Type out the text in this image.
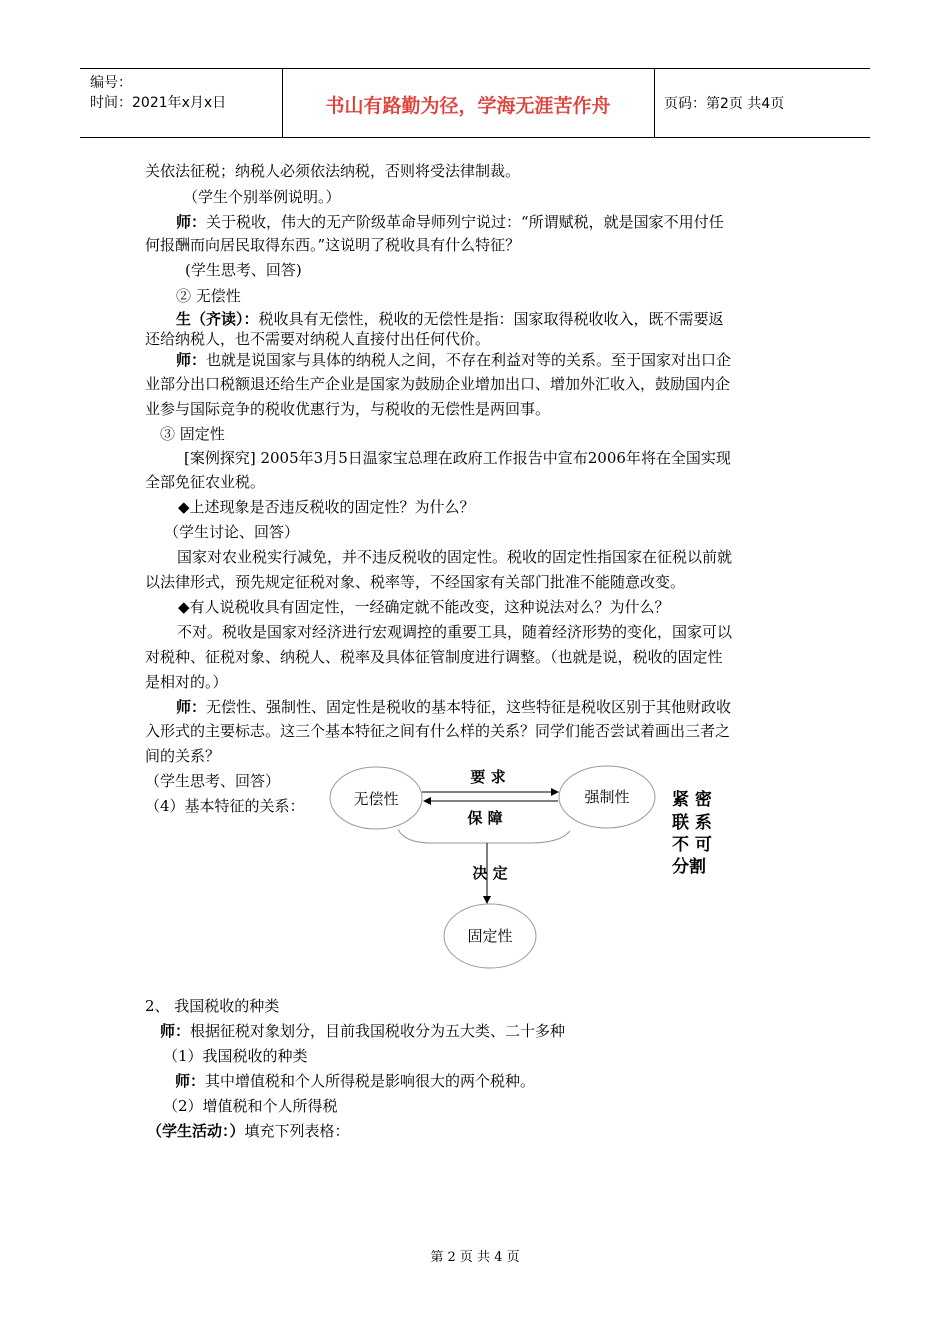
编号：
时间：2021年x月x日	书山有路勤为径，学海无涯苦作舟	页码：第2页 共4页
关依法征税；纳税人必须依法纳税，否则将受法律制裁。
（学生个别举例说明。）
师：关于税收，伟大的无产阶级革命导师列宁说过：“所谓赋税，就是国家不用付任
何报酬而向居民取得东西。”这说明了税收具有什么特征？
(学生思考、回答)
② 无偿性
生（齐读）：税收具有无偿性，税收的无偿性是指：国家取得税收收入，既不需要返
还给纳税人，也不需要对纳税人直接付出任何代价。
师：也就是说国家与具体的纳税人之间，不存在利益对等的关系。至于国家对出口企
业部分出口税额退还给生产企业是国家为鼓励企业增加出口、增加外汇收入，鼓励国内企
业参与国际竞争的税收优惠行为，与税收的无偿性是两回事。
③ 固定性
[案例探究] 2005年3月5日温家宝总理在政府工作报告中宣布2006年将在全国实现
全部免征农业税。
◆上述现象是否违反税收的固定性？为什么？
（学生讨论、回答）
国家对农业税实行减免，并不违反税收的固定性。税收的固定性指国家在征税以前就
以法律形式，预先规定征税对象、税率等，不经国家有关部门批准不能随意改变。
◆有人说税收具有固定性，一经确定就不能改变，这种说法对么？为什么？
不对。税收是国家对经济进行宏观调控的重要工具，随着经济形势的变化，国家可以
对税种、征税对象、纳税人、税率及具体征管制度进行调整。（也就是说，税收的固定性
是相对的。）
师：无偿性、强制性、固定性是税收的基本特征，这些特征是税收区别于其他财政收
入形式的主要标志。这三个基本特征之间有什么样的关系？同学们能否尝试着画出三者之
间的关系？
（学生思考、回答）
（4）基本特征的关系：	无偿性	强制性
固定性
要 求
保 障
决 定
紧 密
联 系
不 可
分割
2、 我国税收的种类
师：根据征税对象划分，目前我国税收分为五大类、二十多种
（1）我国税收的种类
师：其中增值税和个人所得税是影响很大的两个税种。
（2）增值税和个人所得税
（学生活动：）填充下列表格：
第 2 页 共 4 页
